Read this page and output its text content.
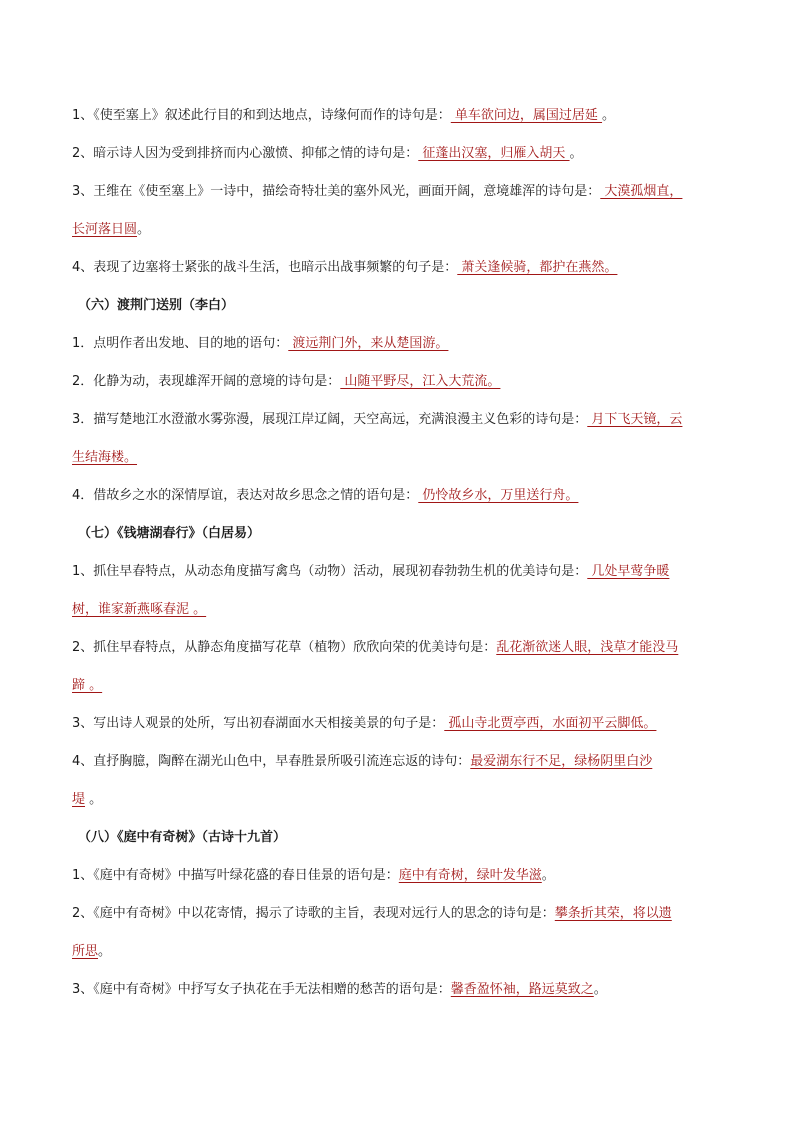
1、《使至塞上》叙述此行目的和到达地点，诗缘何而作的诗句是： 单车欲问边，属国过居延 。
2、暗示诗人因为受到排挤而内心激愤、抑郁之情的诗句是： 征蓬出汉塞，归雁入胡天 。
3、王维在《使至塞上》一诗中，描绘奇特壮美的塞外风光，画面开阔，意境雄浑的诗句是： 大漠孤烟直，
长河落日圆。
4、表现了边塞将士紧张的战斗生活，也暗示出战事频繁的句子是： 萧关逢候骑，都护在燕然。
（六）渡荆门送别（李白）
1．点明作者出发地、目的地的语句： 渡远荆门外，来从楚国游。
2．化静为动，表现雄浑开阔的意境的诗句是： 山随平野尽，江入大荒流。
3．描写楚地江水澄澈水雾弥漫，展现江岸辽阔，天空高远，充满浪漫主义色彩的诗句是： 月下飞天镜，云
生结海楼。
4．借故乡之水的深情厚谊，表达对故乡思念之情的语句是： 仍怜故乡水，万里送行舟。
（七）《钱塘湖春行》（白居易）
1、抓住早春特点，从动态角度描写禽鸟（动物）活动，展现初春勃勃生机的优美诗句是： 几处早莺争暖
树，谁家新燕啄春泥 。
2、抓住早春特点，从静态角度描写花草（植物）欣欣向荣的优美诗句是：乱花渐欲迷人眼，浅草才能没马
蹄 。
3、写出诗人观景的处所，写出初春湖面水天相接美景的句子是： 孤山寺北贾亭西，水面初平云脚低。
4、直抒胸臆，陶醉在湖光山色中，早春胜景所吸引流连忘返的诗句：最爱湖东行不足，绿杨阴里白沙
堤 。
（八）《庭中有奇树》（古诗十九首）
1、《庭中有奇树》中描写叶绿花盛的春日佳景的语句是：庭中有奇树，绿叶发华滋。
2、《庭中有奇树》中以花寄情，揭示了诗歌的主旨，表现对远行人的思念的诗句是：攀条折其荣，将以遗
所思。
3、《庭中有奇树》中抒写女子执花在手无法相赠的愁苦的语句是：馨香盈怀袖，路远莫致之。
